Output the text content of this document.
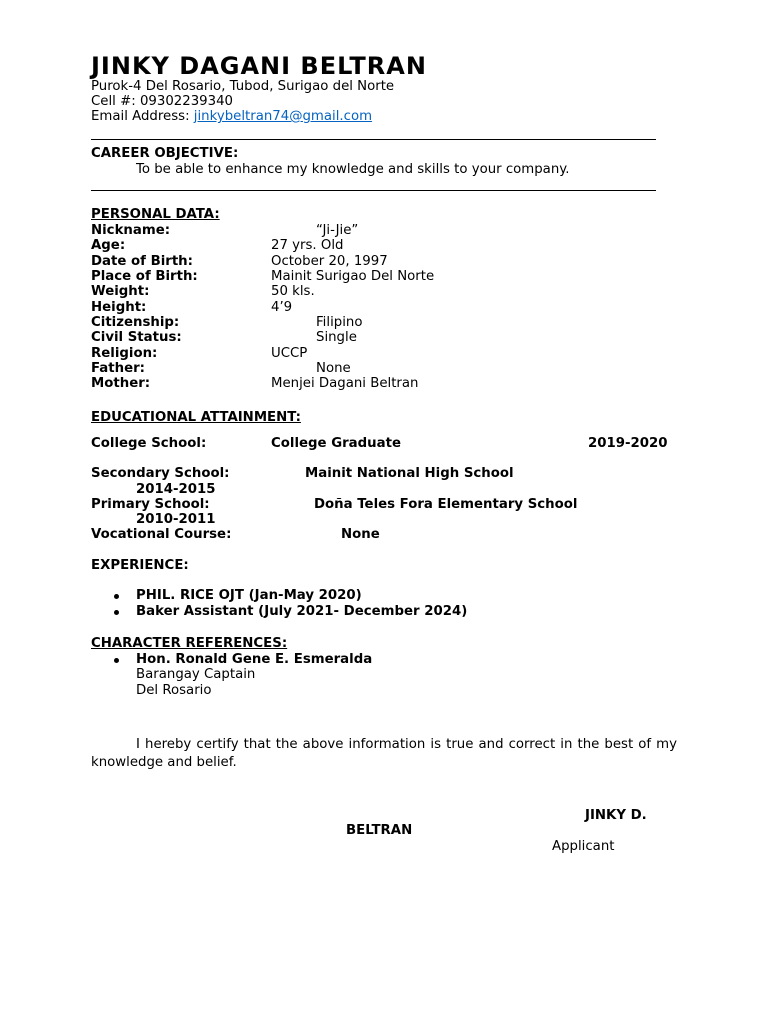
JINKY DAGANI BELTRAN
Purok-4 Del Rosario, Tubod, Surigao del Norte
Cell #: 09302239340
Email Address: jinkybeltran74@gmail.com
CAREER OBJECTIVE:
To be able to enhance my knowledge and skills to your company.
PERSONAL DATA:
Nickname:	“Ji-Jie”
Age:	27 yrs. Old
Date of Birth:	October 20, 1997
Place of Birth:	Mainit Surigao Del Norte
Weight:	50 kls.
Height:	4’9
Citizenship:	Filipino
Civil Status:	Single
Religion:	UCCP
Father:	None
Mother:	Menjei Dagani Beltran
EDUCATIONAL ATTAINMENT:
College School:	College Graduate	2019-2020
Secondary School:	Mainit National High School
2014-2015
Primary School:	Doña Teles Fora Elementary School
2010-2011
Vocational Course:	None
EXPERIENCE:
PHIL. RICE OJT (Jan-May 2020)
Baker Assistant (July 2021- December 2024)
CHARACTER REFERENCES:
Hon. Ronald Gene E. Esmeralda
Barangay Captain
Del Rosario
I hereby certify that the above information is true and correct in the best of my knowledge and belief.
JINKY D.
BELTRAN
Applicant
